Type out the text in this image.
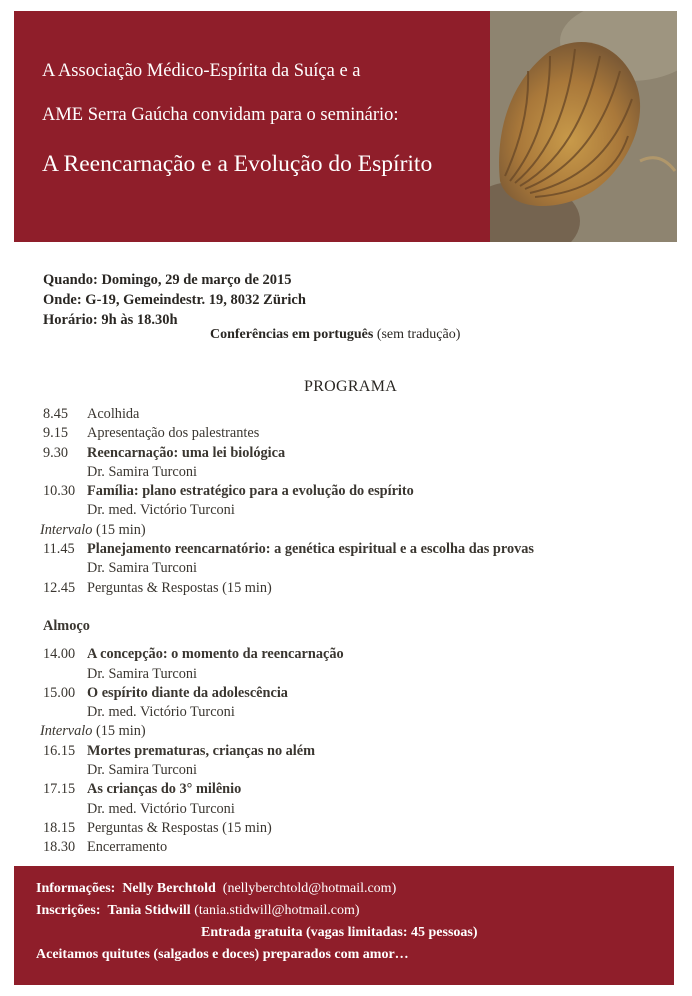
A Associação Médico-Espírita da Suíça e a
AME Serra Gaúcha convidam para o seminário:
A Reencarnação e a Evolução do Espírito
Quando: Domingo, 29 de março de 2015
Onde: G-19, Gemeindestr. 19, 8032 Zürich
Horário: 9h às 18.30h
Conferências em português (sem tradução)
PROGRAMA
8.45 Acolhida
9.15 Apresentação dos palestrantes
9.30 Reencarnação: uma lei biológica
Dr. Samira Turconi
10.30 Família: plano estratégico para a evolução do espírito
Dr. med. Victório Turconi
Intervalo (15 min)
11.45 Planejamento reencarnatório: a genética espiritual e a escolha das provas
Dr. Samira Turconi
12.45 Perguntas & Respostas (15 min)
Almoço
14.00 A concepção: o momento da reencarnação
Dr. Samira Turconi
15.00 O espírito diante da adolescência
Dr. med. Victório Turconi
Intervalo (15 min)
16.15 Mortes prematuras, crianças no além
Dr. Samira Turconi
17.15 As crianças do 3° milênio
Dr. med. Victório Turconi
18.15 Perguntas & Respostas (15 min)
18.30 Encerramento
Informações: Nelly Berchtold (nellyberchtold@hotmail.com)
Inscrições: Tania Stidwill (tania.stidwill@hotmail.com)
Entrada gratuita (vagas limitadas: 45 pessoas)
Aceitamos quitutes (salgados e doces) preparados com amor…
